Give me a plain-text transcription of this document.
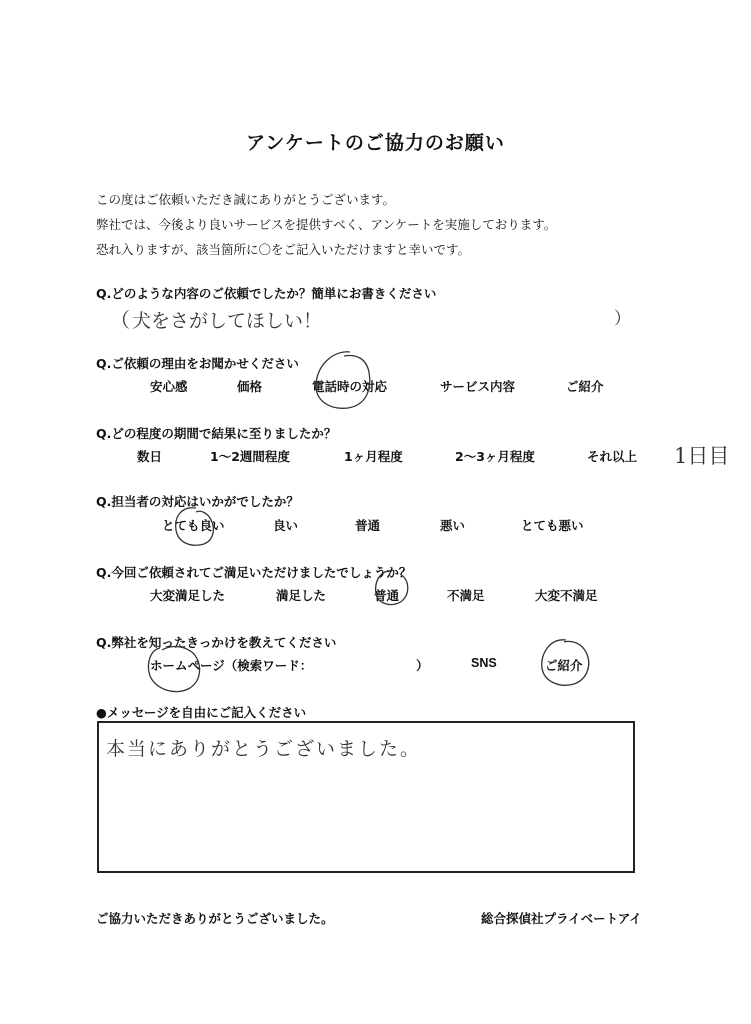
アンケートのご協力のお願い
この度はご依頼いただき誠にありがとうございます。
弊社では、今後より良いサービスを提供すべく、アンケートを実施しております。
恐れ入りますが、該当箇所に〇をご記入いただけますと幸いです。
Q.どのような内容のご依頼でしたか？簡単にお書きください
（ 犬をさがしてほしい！	）
Q.ご依頼の理由をお聞かせください
安心感	価格	電話時の対応	サービス内容	ご紹介
Q.どの程度の期間で結果に至りましたか？
数日	1～2週間程度	1ヶ月程度	2～3ヶ月程度	それ以上 1日目
Q.担当者の対応はいかがでしたか？
とても良い	良い	普通	悪い	とても悪い
Q.今回ご依頼されてご満足いただけましたでしょうか？
大変満足した	満足した	普通	不満足	大変不満足
Q.弊社を知ったきっかけを教えてください
ホームページ（検索ワード：	）	SNS	ご紹介
●メッセージを自由にご記入ください
本当にありがとうございました。
ご協力いただきありがとうございました。	総合探偵社プライベートアイ
